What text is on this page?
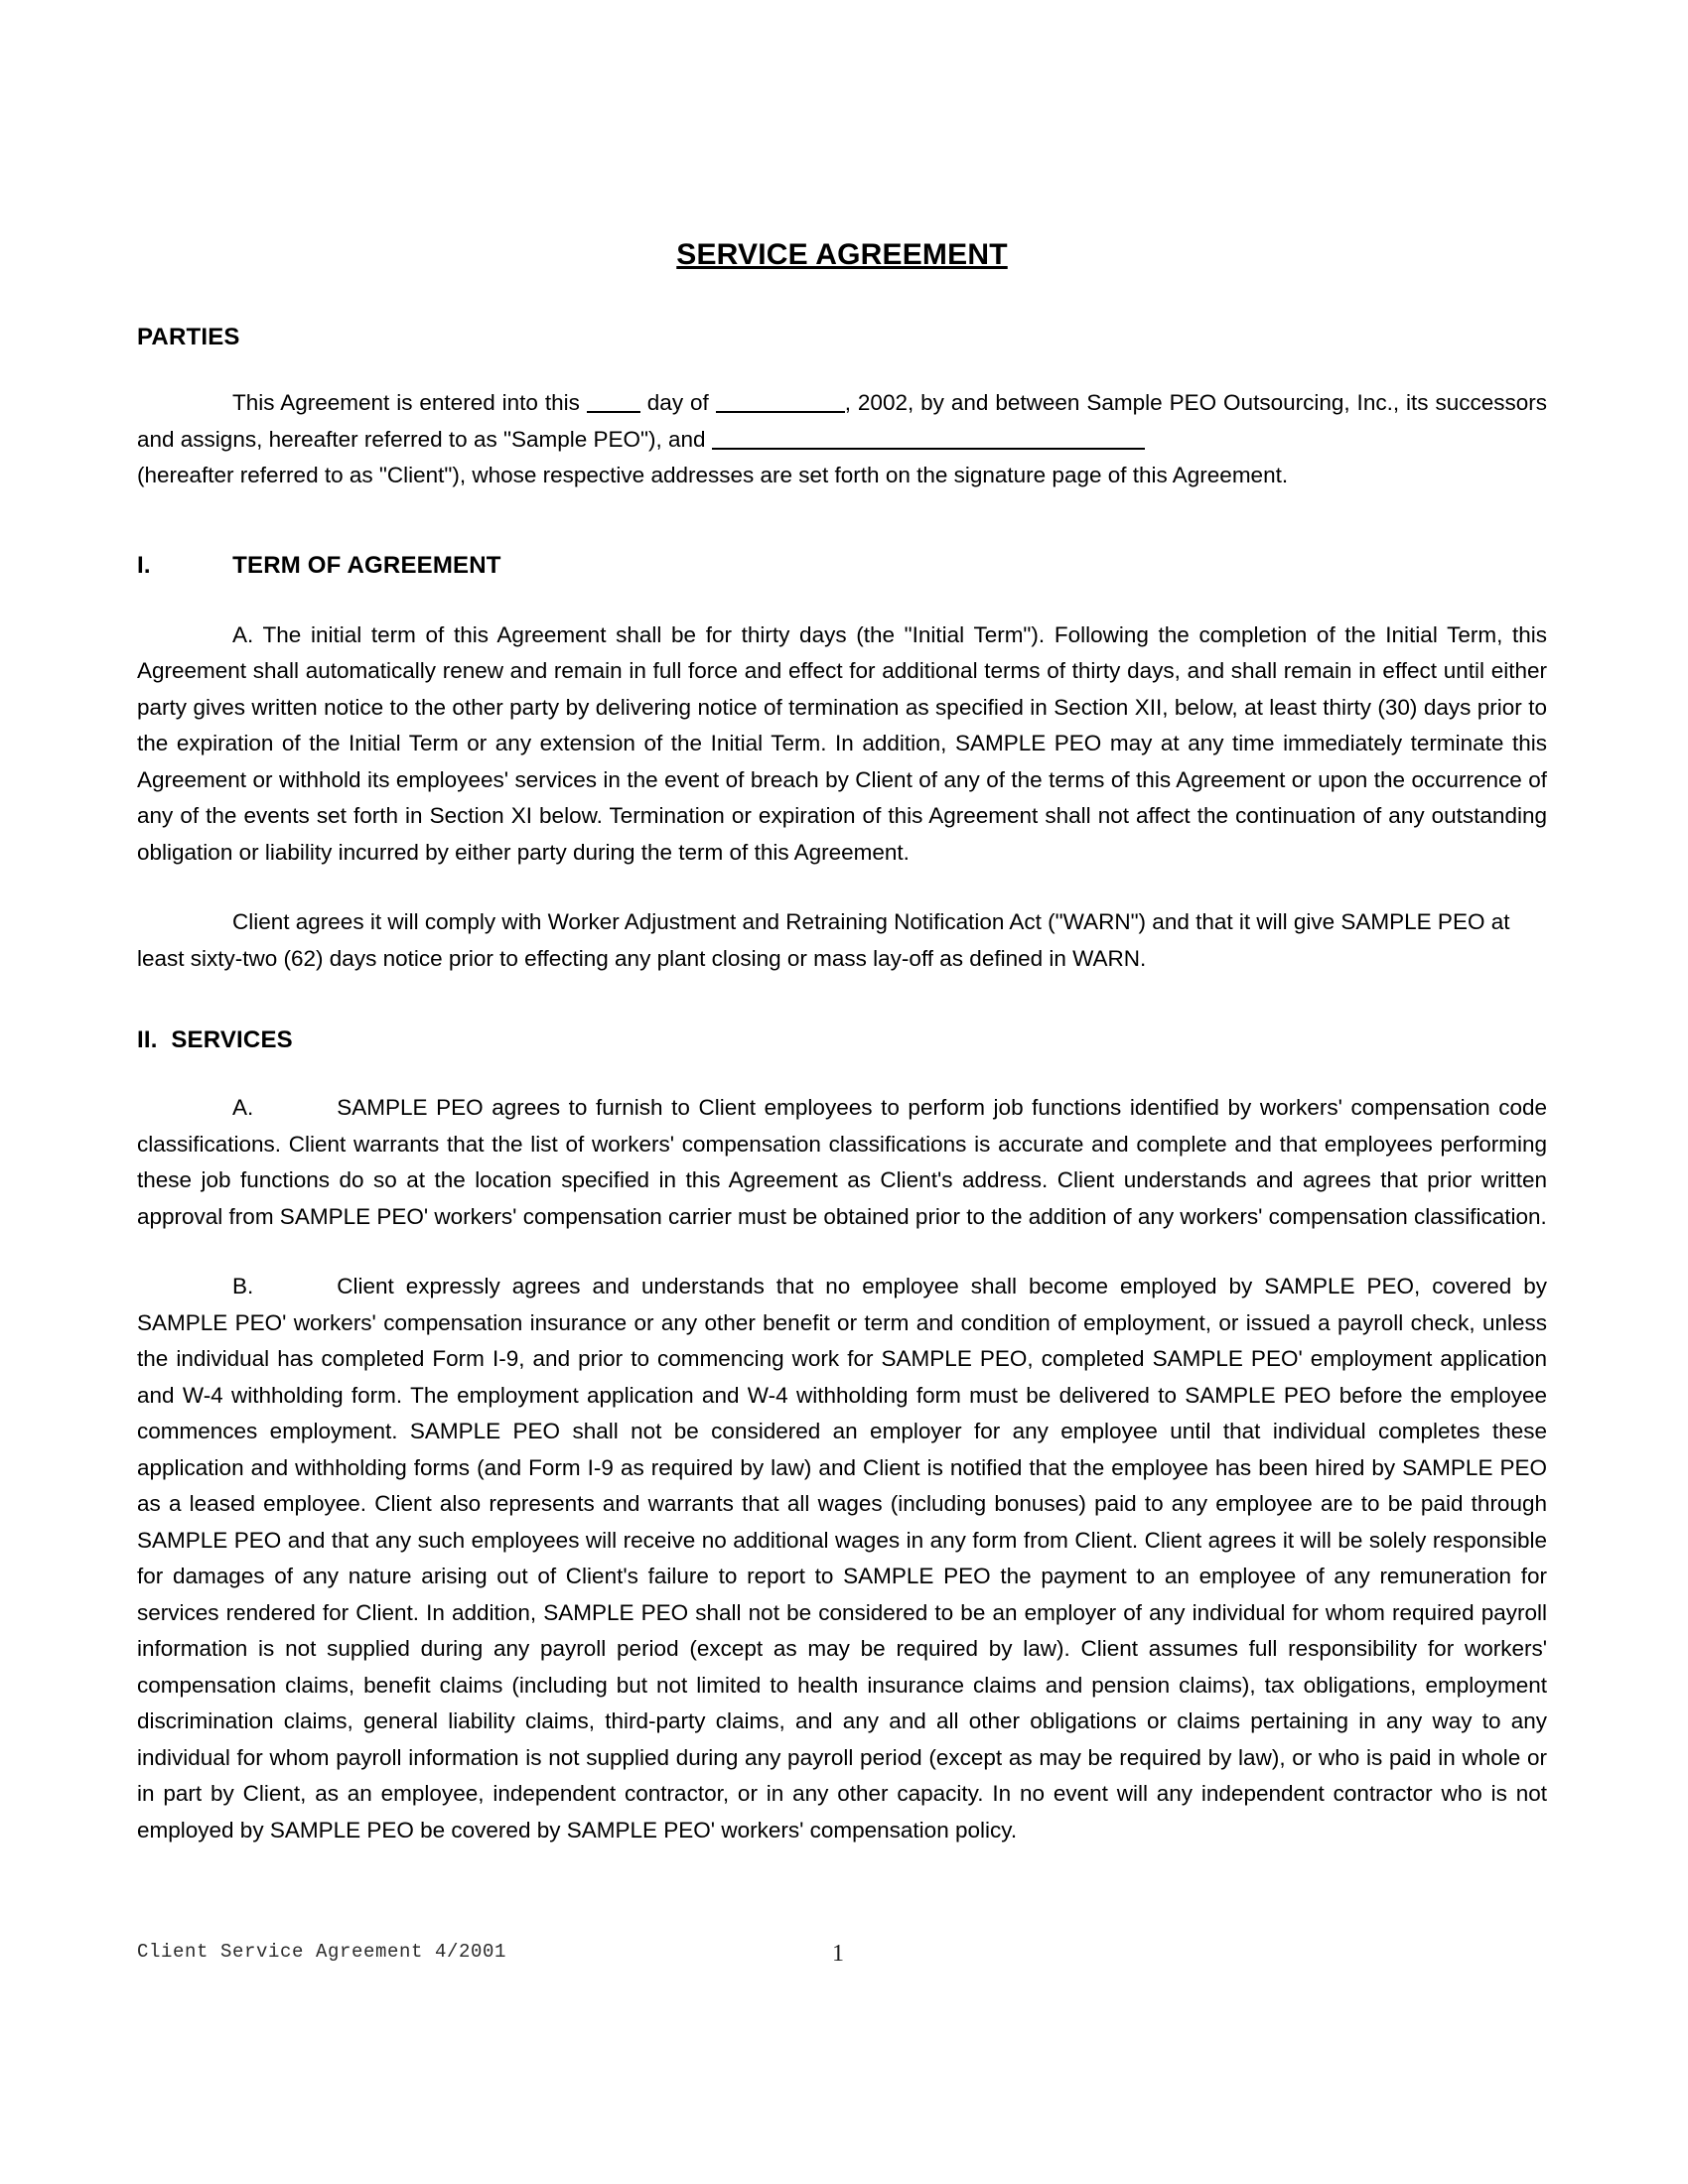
SERVICE AGREEMENT
PARTIES

This Agreement is entered into this  day of	, 2002, by and between Sample PEO Outsourcing, Inc., its successors and assigns, hereafter referred to as "Sample PEO"), and

(hereafter referred to as "Client"), whose respective addresses are set forth on the signature page of this Agreement.

I.            TERM OF AGREEMENT

A. The initial term of this Agreement shall be for thirty days (the "Initial Term"). Following the completion of the Initial Term, this Agreement shall automatically renew and remain in full force and effect for additional terms of thirty days, and shall remain in effect until either party gives written notice to the other party by delivering notice of termination as specified in Section XII, below, at least thirty (30) days prior to the expiration of the Initial Term or any extension of the Initial Term. In addition, SAMPLE PEO may at any time immediately terminate this Agreement or withhold its employees' services in the event of breach by Client of any of the terms of this Agreement or upon the occurrence of any of the events set forth in Section XI below. Termination or expiration of this Agreement shall not affect the continuation of any outstanding obligation or liability incurred by either party during the term of this Agreement.

Client agrees it will comply with Worker Adjustment and Retraining Notification Act ("WARN") and that it will give SAMPLE PEO at least sixty-two (62) days notice prior to effecting any plant closing or mass lay-off as defined in WARN.

II.  SERVICES

A.	SAMPLE PEO agrees to furnish to Client employees to perform job functions identified by workers' compensation code classifications. Client warrants that the list of workers' compensation classifications is accurate and complete and that employees performing these job functions do so at the location specified in this Agreement as Client's address. Client understands and agrees that prior written approval from SAMPLE PEO' workers' compensation carrier must be obtained prior to the addition of any workers' compensation classification.

B.	Client expressly agrees and understands that no employee shall become employed by SAMPLE PEO, covered by SAMPLE PEO' workers' compensation insurance or any other benefit or term and condition of employment, or issued a payroll check, unless the individual has completed Form I-9, and prior to commencing work for SAMPLE PEO, completed SAMPLE PEO' employment application and W-4 withholding form. The employment application and W-4 withholding form must be delivered to SAMPLE PEO before the employee commences employment. SAMPLE PEO shall not be considered an employer for any employee until that individual completes these application and withholding forms (and Form I-9 as required by law) and Client is notified that the employee has been hired by SAMPLE PEO as a leased employee. Client also represents and warrants that all wages (including bonuses) paid to any employee are to be paid through SAMPLE PEO and that any such employees will receive no additional wages in any form from Client. Client agrees it will be solely responsible for damages of any nature arising out of Client's failure to report to SAMPLE PEO the payment to an employee of any remuneration for services rendered for Client. In addition, SAMPLE PEO shall not be considered to be an employer of any individual for whom required payroll information is not supplied during any payroll period (except as may be required by law). Client assumes full responsibility for workers' compensation claims, benefit claims (including but not limited to health insurance claims and pension claims), tax obligations, employment discrimination claims, general liability claims, third-party claims, and any and all other obligations or claims pertaining in any way to any individual for whom payroll information is not supplied during any payroll period (except as may be required by law), or who is paid in whole or in part by Client, as an employee, independent contractor, or in any other capacity. In no event will any independent contractor who is not employed by SAMPLE PEO be covered by SAMPLE PEO' workers' compensation policy.

Client Service Agreement 4/2001	1
